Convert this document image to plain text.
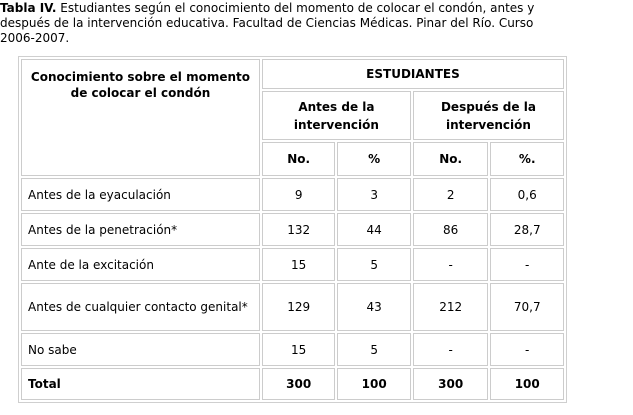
Tabla IV. Estudiantes según el conocimiento del momento de colocar el condón, antes y
después de la intervención educativa. Facultad de Ciencias Médicas. Pinar del Río. Curso
2006-2007.
Conocimiento sobre el momento de colocar el condón	ESTUDIANTES			
	Antes de la intervención		Después de la intervención	
	No.	%	No.	%.
Antes de la eyaculación	9	3	2	0,6
Antes de la penetración*	132	44	86	28,7
Ante de la excitación	15	5	-	-
Antes de cualquier contacto genital*	129	43	212	70,7
No sabe	15	5	-	-
Total	300	100	300	100
